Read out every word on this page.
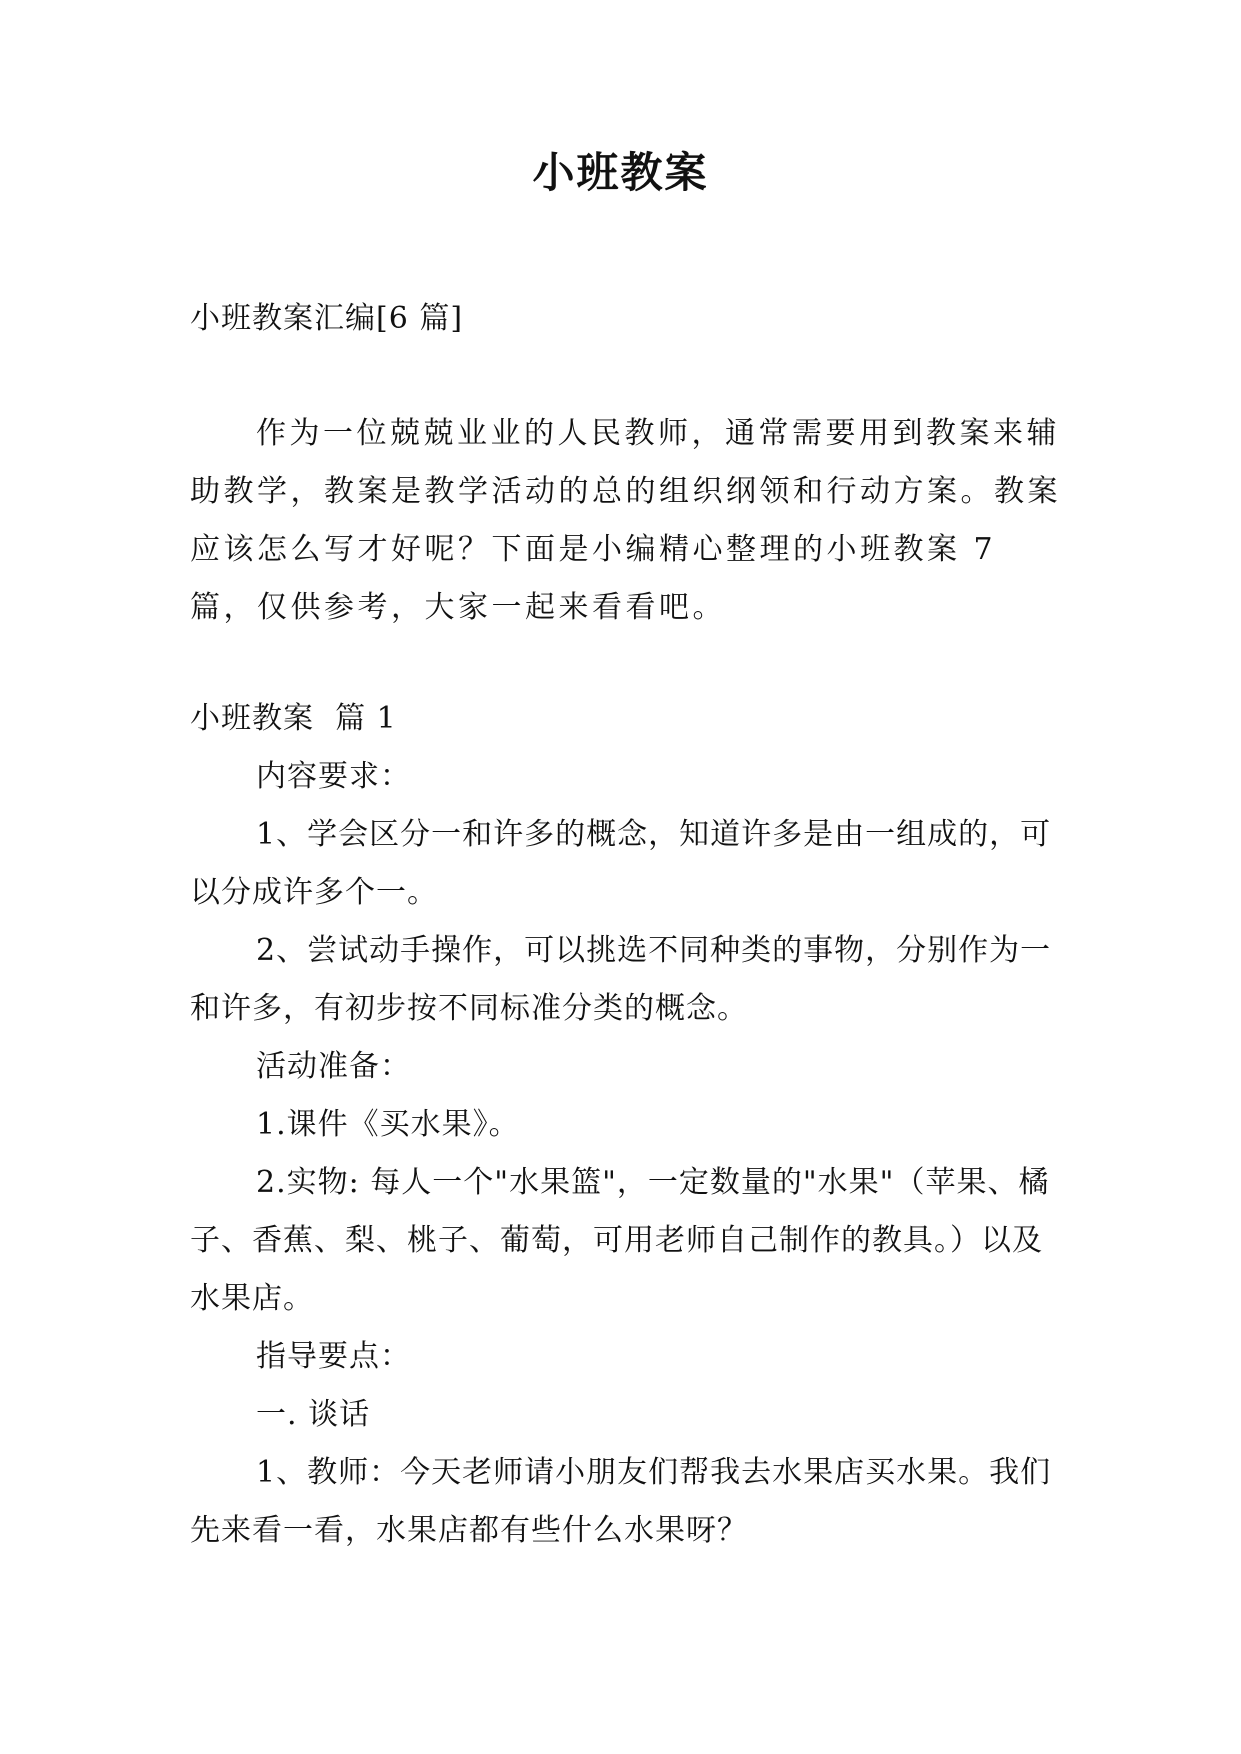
小班教案

小班教案汇编[6 篇]

作为一位兢兢业业的人民教师，通常需要用到教案来辅助教学，教案是教学活动的总的组织纲领和行动方案。教案应该怎么写才好呢？下面是小编精心整理的小班教案 7 篇，仅供参考，大家一起来看看吧。

小班教案  篇 1

内容要求：

1、学会区分一和许多的概念，知道许多是由一组成的，可以分成许多个一。

2、尝试动手操作，可以挑选不同种类的事物，分别作为一和许多，有初步按不同标准分类的概念。

活动准备：

1.课件《买水果》。

2.实物: 每人一个"水果篮"，一定数量的"水果"（苹果、橘子、香蕉、梨、桃子、葡萄，可用老师自己制作的教具。）以及水果店。

指导要点：

一. 谈话

1、教师：今天老师请小朋友们帮我去水果店买水果。我们先来看一看，水果店都有些什么水果呀？
